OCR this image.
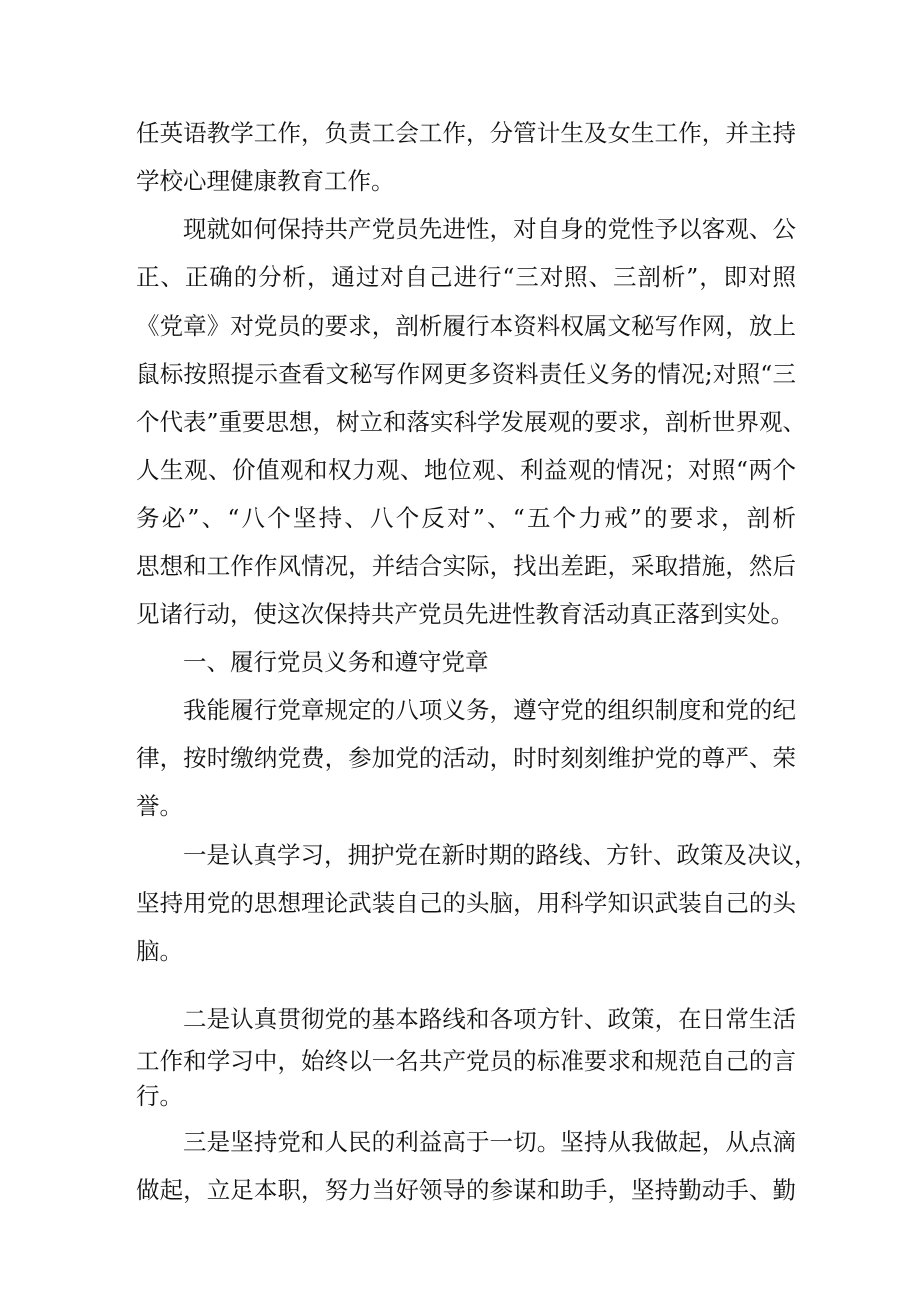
任英语教学工作，负责工会工作，分管计生及女生工作，并主持
学校心理健康教育工作。
现就如何保持共产党员先进性，对自身的党性予以客观、公
正、正确的分析，通过对自己进行“三对照、三剖析”，即对照
《党章》对党员的要求，剖析履行本资料权属文秘写作网，放上
鼠标按照提示查看文秘写作网更多资料责任义务的情况;对照“三
个代表”重要思想，树立和落实科学发展观的要求，剖析世界观、
人生观、价值观和权力观、地位观、利益观的情况；对照“两个
务必”、“八个坚持、八个反对”、“五个力戒”的要求，剖析
思想和工作作风情况，并结合实际，找出差距，采取措施，然后
见诸行动，使这次保持共产党员先进性教育活动真正落到实处。
一、履行党员义务和遵守党章
我能履行党章规定的八项义务，遵守党的组织制度和党的纪
律，按时缴纳党费，参加党的活动，时时刻刻维护党的尊严、荣
誉。
一是认真学习，拥护党在新时期的路线、方针、政策及决议，
坚持用党的思想理论武装自己的头脑，用科学知识武装自己的头
脑。
二是认真贯彻党的基本路线和各项方针、政策，在日常生活
工作和学习中，始终以一名共产党员的标准要求和规范自己的言
行。
三是坚持党和人民的利益高于一切。坚持从我做起，从点滴
做起，立足本职，努力当好领导的参谋和助手，坚持勤动手、勤
